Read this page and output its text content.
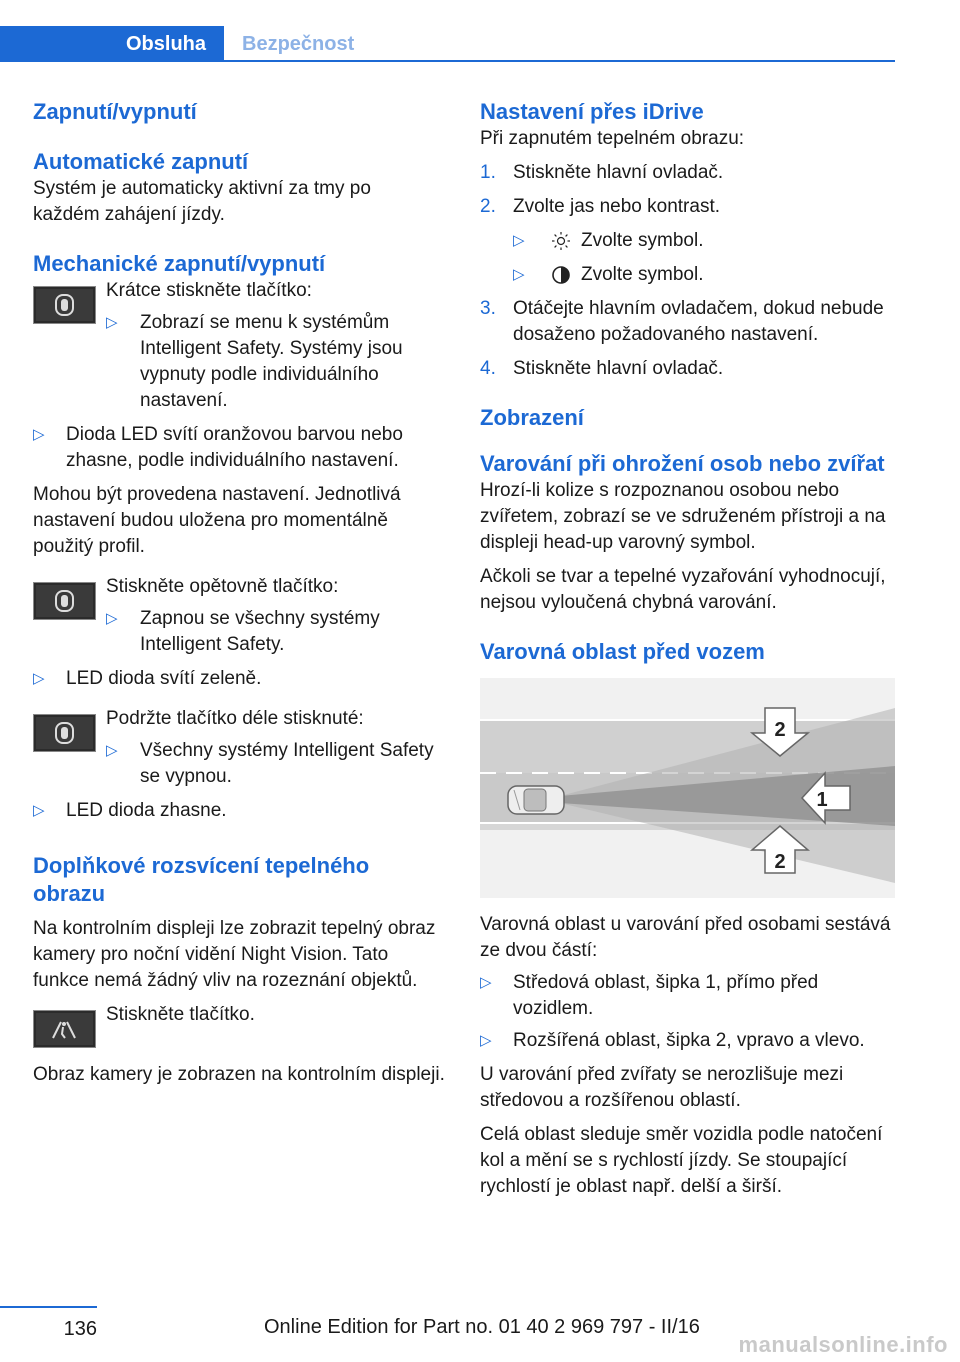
Obsluha	Bezpečnost
Zapnutí/vypnutí
Automatické zapnutí

Systém je automaticky aktivní za tmy po každém zahájení jízdy.

Mechanické zapnutí/vypnutí

Krátce stiskněte tlačítko:

▷ Zobrazí se menu k systémům Intelligent Safety. Systémy jsou vypnuty podle individuálního nastavení.
▷ Dioda LED svítí oranžovou barvou nebo zhasne, podle individuálního nastavení.

Mohou být provedena nastavení. Jednotlivá nastavení budou uložena pro momentálně použitý profil.

Stiskněte opětovně tlačítko:

▷ Zapnou se všechny systémy Intelligent Safety.
▷ LED dioda svítí zeleně.

Podržte tlačítko déle stisknuté:

▷ Všechny systémy Intelligent Safety se vypnou.
▷ LED dioda zhasne.
Doplňkové rozsvícení tepelného obrazu

Na kontrolním displeji lze zobrazit tepelný obraz kamery pro noční vidění Night Vision. Tato funkce nemá žádný vliv na rozeznání objektů.

Stiskněte tlačítko.

Obraz kamery je zobrazen na kontrolním displeji.

Nastavení přes iDrive

Při zapnutém tepelném obrazu:

1. Stiskněte hlavní ovladač.
2. Zvolte jas nebo kontrast.
▷	Zvolte symbol.
▷	Zvolte symbol.
3. Otáčejte hlavním ovladačem, dokud nebude dosaženo požadovaného nastavení.
4. Stiskněte hlavní ovladač.
Zobrazení
Varování při ohrožení osob nebo zvířat

Hrozí-li kolize s rozpoznanou osobou nebo zvířetem, zobrazí se ve sdruženém přístroji a na displeji head-up varovný symbol.

Ačkoli se tvar a tepelné vyzařování vyhodnocují, nejsou vyloučená chybná varování.

Varovná oblast před vozem
2
1
2

Varovná oblast u varování před osobami sestává ze dvou částí:

▷ Středová oblast, šipka 1, přímo před vozidlem.
▷ Rozšířená oblast, šipka 2, vpravo a vlevo.

U varování před zvířaty se nerozlišuje mezi středovou a rozšířenou oblastí.

Celá oblast sleduje směr vozidla podle natočení kol a mění se s rychlostí jízdy. Se stoupající rychlostí je oblast např. delší a širší.

136	Online Edition for Part no. 01 40 2 969 797 - II/16
manualsonline.info
